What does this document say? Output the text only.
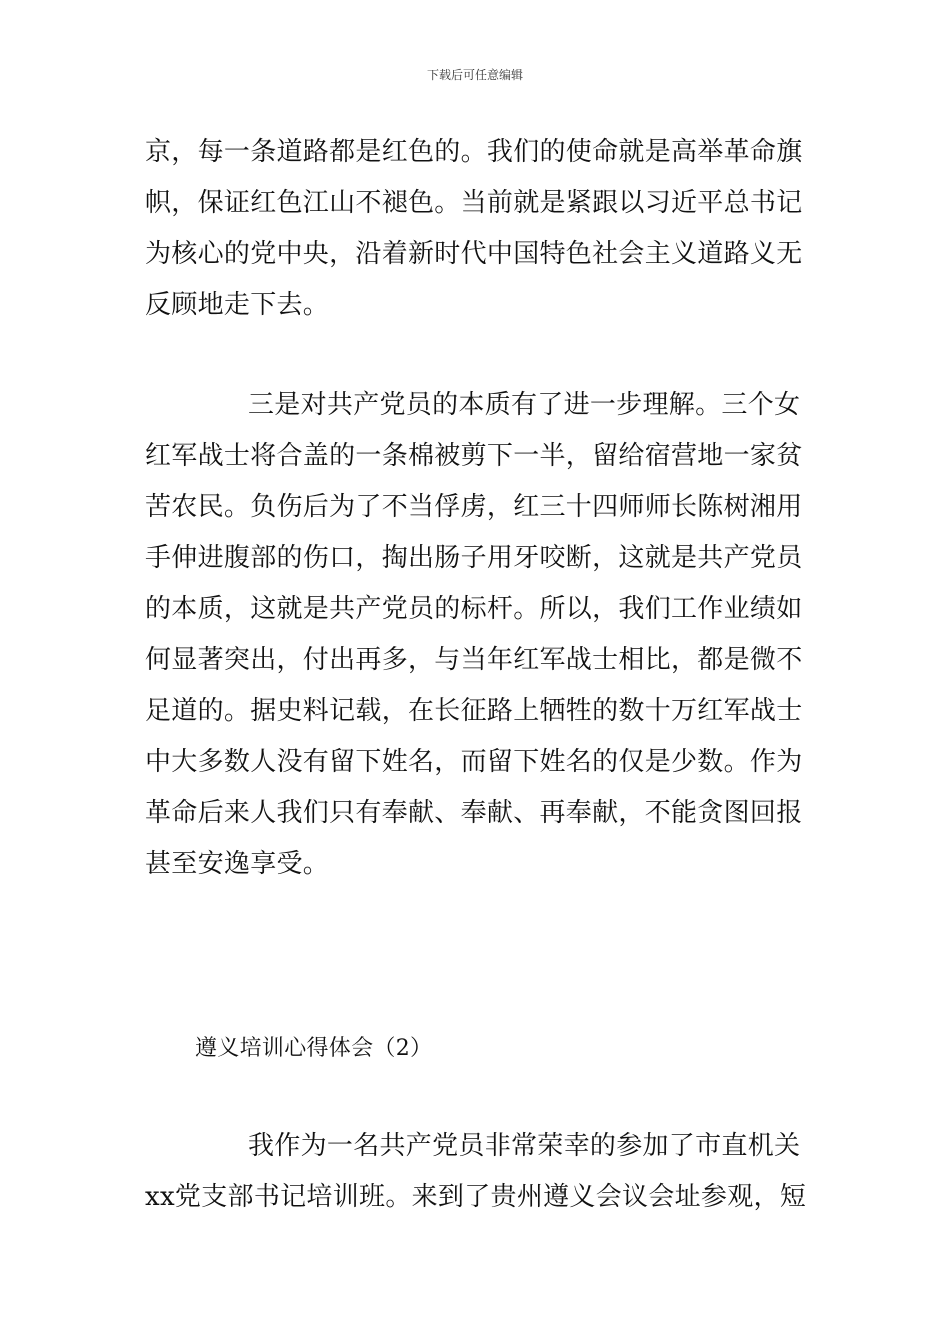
下载后可任意编辑
京，每一条道路都是红色的。我们的使命就是高举革命旗
帜，保证红色江山不褪色。当前就是紧跟以习近平总书记
为核心的党中央，沿着新时代中国特色社会主义道路义无
反顾地走下去。
三是对共产党员的本质有了进一步理解。三个女
红军战士将合盖的一条棉被剪下一半，留给宿营地一家贫
苦农民。负伤后为了不当俘虏，红三十四师师长陈树湘用
手伸进腹部的伤口，掏出肠子用牙咬断，这就是共产党员
的本质，这就是共产党员的标杆。所以，我们工作业绩如
何显著突出，付出再多，与当年红军战士相比，都是微不
足道的。据史料记载，在长征路上牺牲的数十万红军战士
中大多数人没有留下姓名，而留下姓名的仅是少数。作为
革命后来人我们只有奉献、奉献、再奉献，不能贪图回报
甚至安逸享受。
遵义培训心得体会（2）
我作为一名共产党员非常荣幸的参加了市直机关
xx党支部书记培训班。来到了贵州遵义会议会址参观，短
